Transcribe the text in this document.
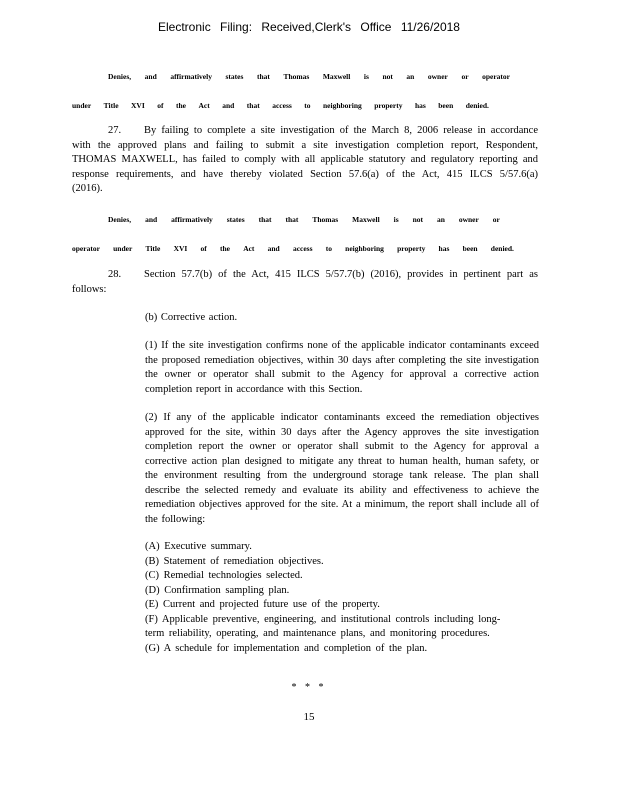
Electronic Filing: Received,Clerk's Office 11/26/2018
Denies, and affirmatively states that Thomas Maxwell is not an owner or operator
under Title XVI of the Act and that access to neighboring property has been denied.
27. By failing to complete a site investigation of the March 8, 2006 release in accordance with the approved plans and failing to submit a site investigation completion report, Respondent, THOMAS MAXWELL, has failed to comply with all applicable statutory and regulatory reporting and response requirements, and have thereby violated Section 57.6(a) of the Act, 415 ILCS 5/57.6(a) (2016).
Denies, and affirmatively states that that Thomas Maxwell is not an owner or
operator under Title XVI of the Act and access to neighboring property has been denied.
28. Section 57.7(b) of the Act, 415 ILCS 5/57.7(b) (2016), provides in pertinent part as follows:
(b) Corrective action.
(1) If the site investigation confirms none of the applicable indicator contaminants exceed the proposed remediation objectives, within 30 days after completing the site investigation the owner or operator shall submit to the Agency for approval a corrective action completion report in accordance with this Section.
(2) If any of the applicable indicator contaminants exceed the remediation objectives approved for the site, within 30 days after the Agency approves the site investigation completion report the owner or operator shall submit to the Agency for approval a corrective action plan designed to mitigate any threat to human health, human safety, or the environment resulting from the underground storage tank release. The plan shall describe the selected remedy and evaluate its ability and effectiveness to achieve the remediation objectives approved for the site. At a minimum, the report shall include all of the following:
(A) Executive summary.
(B) Statement of remediation objectives.
(C) Remedial technologies selected.
(D) Confirmation sampling plan.
(E) Current and projected future use of the property.
(F) Applicable preventive, engineering, and institutional controls including long-term reliability, operating, and maintenance plans, and monitoring procedures.
(G) A schedule for implementation and completion of the plan.
* * *
15
